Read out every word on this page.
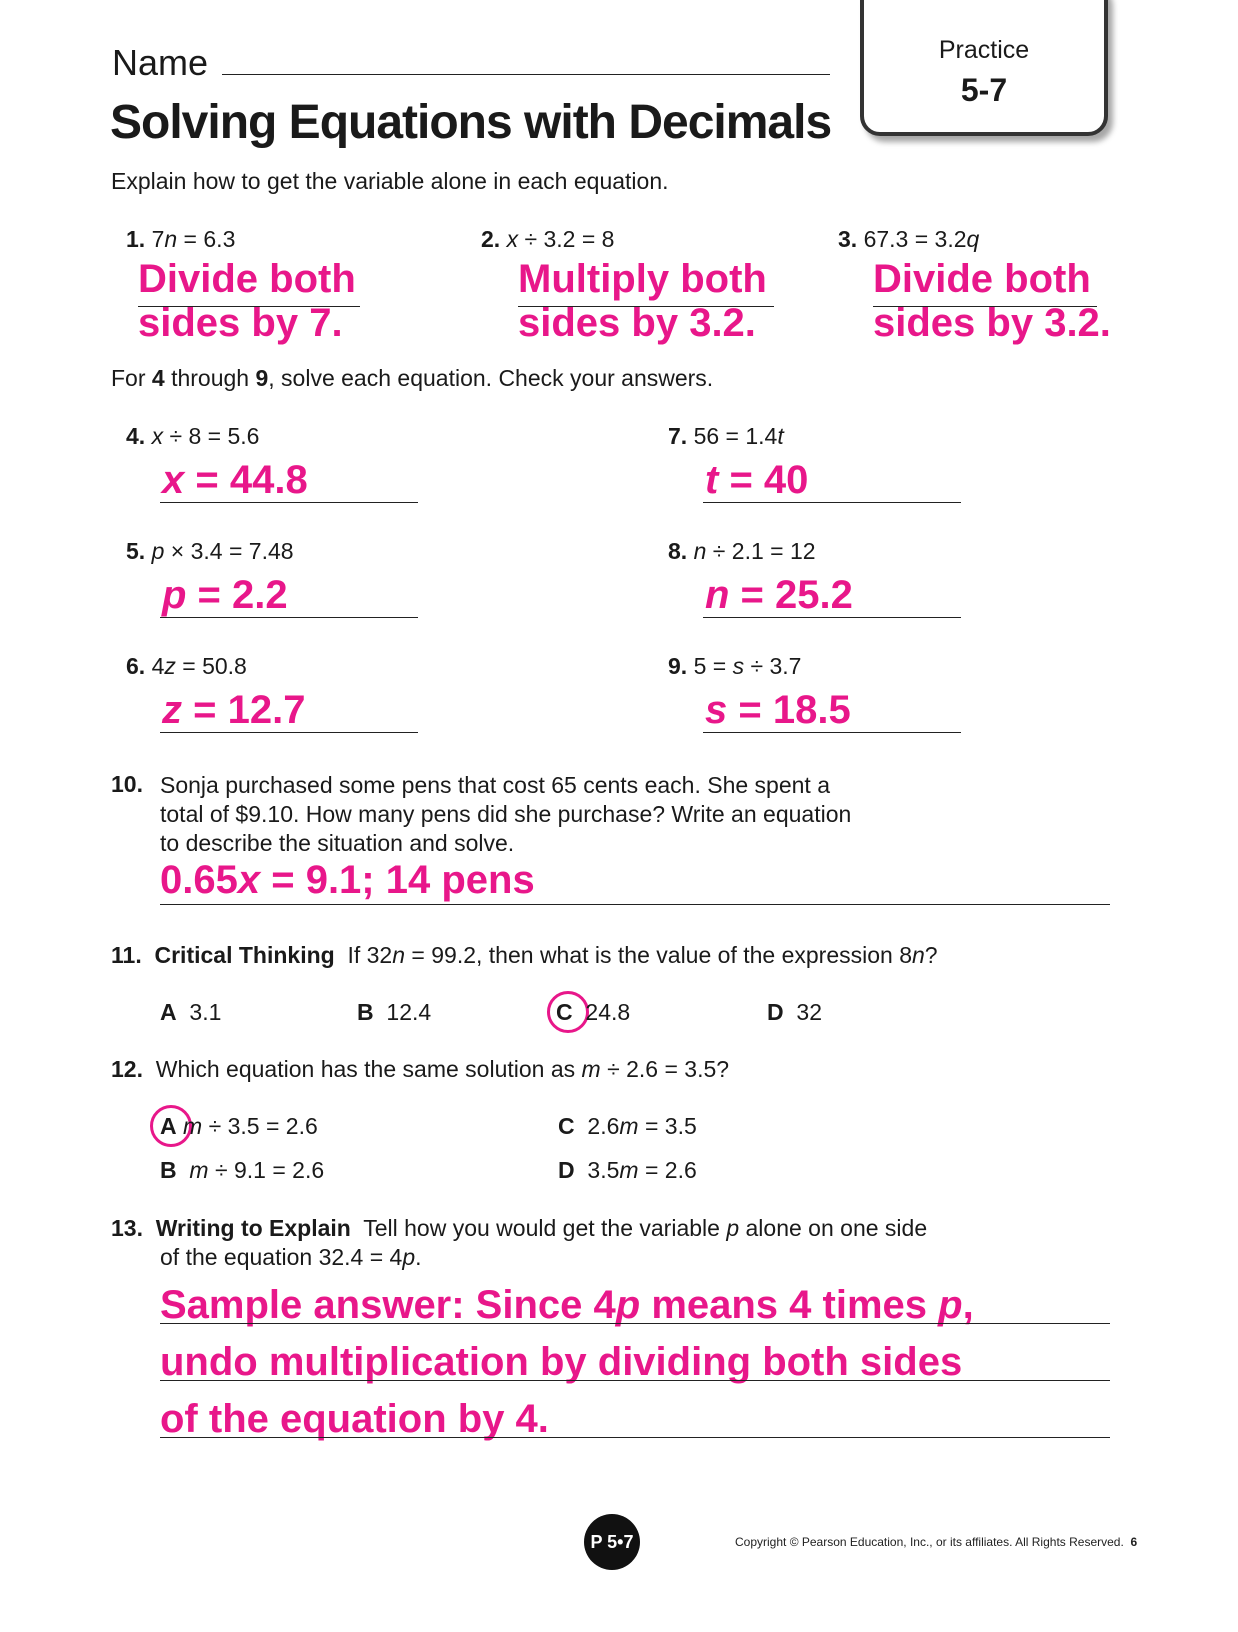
Name
Solving Equations with Decimals
Practice
5-7
Explain how to get the variable alone in each equation.
1. 7n = 6.3
Divide both
sides by 7.
2. x ÷ 3.2 = 8
Multiply both
sides by 3.2.
3. 67.3 = 3.2q
Divide both
sides by 3.2.
For 4 through 9, solve each equation. Check your answers.
4. x ÷ 8 = 5.6
x = 44.8
5. p × 3.4 = 7.48
p = 2.2
6. 4z = 50.8
z = 12.7
7. 56 = 1.4t
t = 40
8. n ÷ 2.1 = 12
n = 25.2
9. 5 = s ÷ 3.7
s = 18.5
10. Sonja purchased some pens that cost 65 cents each. She spent a
total of $9.10. How many pens did she purchase? Write an equation
to describe the situation and solve.
0.65x = 9.1; 14 pens
11. Critical Thinking If 32n = 99.2, then what is the value of the expression 8n?
A 3.1	B 12.4	C 24.8	D 32
12. Which equation has the same solution as m ÷ 2.6 = 3.5?
A m ÷ 3.5 = 2.6
B m ÷ 9.1 = 2.6
C 2.6m = 3.5
D 3.5m = 2.6
13. Writing to Explain Tell how you would get the variable p alone on one side
of the equation 32.4 = 4p.
Sample answer: Since 4p means 4 times p,
undo multiplication by dividing both sides
of the equation by 4.
P 5•7	Copyright © Pearson Education, Inc., or its affiliates. All Rights Reserved. 6
